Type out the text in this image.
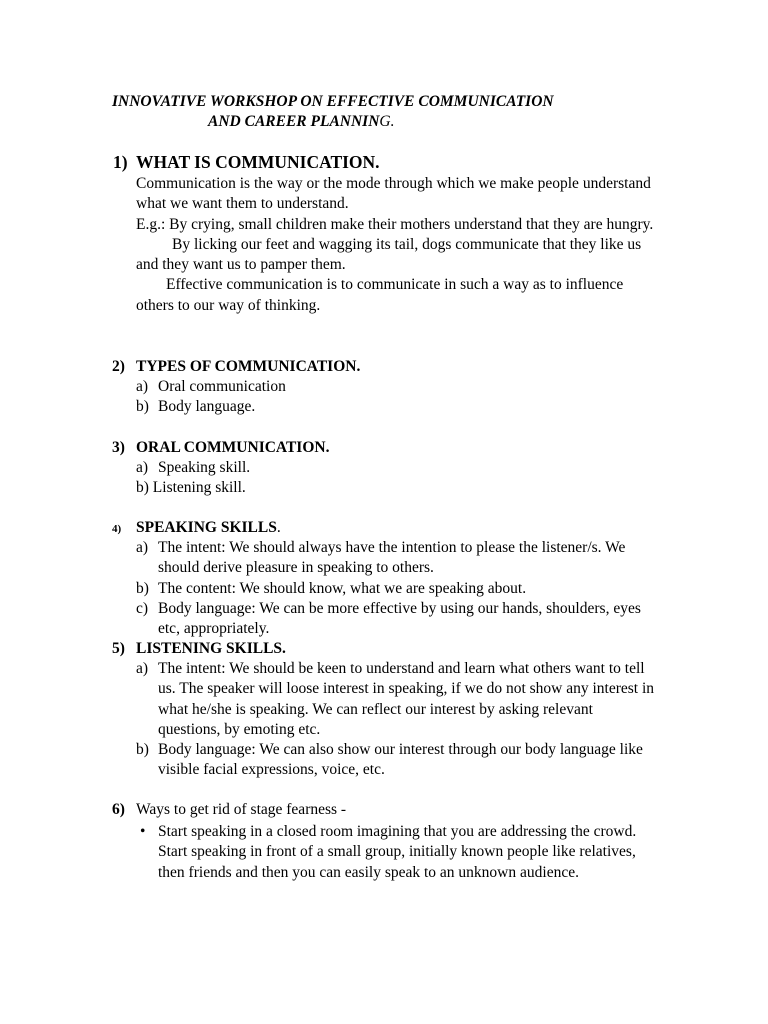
INNOVATIVE WORKSHOP ON EFFECTIVE COMMUNICATION
AND CAREER PLANNING.
1) WHAT IS COMMUNICATION.
Communication is the way or the mode through which we make people understand what we want them to understand.
E.g.: By crying, small children make their mothers understand that they are hungry.
By licking our feet and wagging its tail, dogs communicate that they like us and they want us to pamper them.
Effective communication is to communicate in such a way as to influence others to our way of thinking.
2) TYPES OF COMMUNICATION.
a) Oral communication
b) Body language.
3) ORAL COMMUNICATION.
a) Speaking skill.
b) Listening skill.
4) SPEAKING SKILLS.
a) The intent: We should always have the intention to please the listener/s. We should derive pleasure in speaking to others.
b) The content: We should know, what we are speaking about.
c) Body language: We can be more effective by using our hands, shoulders, eyes etc, appropriately.
5) LISTENING SKILLS.
a) The intent: We should be keen to understand and learn what others want to tell us. The speaker will loose interest in speaking, if we do not show any interest in what he/she is speaking. We can reflect our interest by asking relevant questions, by emoting etc.
b) Body language: We can also show our interest through our body language like visible facial expressions, voice, etc.
6) Ways to get rid of stage fearness -
• Start speaking in a closed room imagining that you are addressing the crowd. Start speaking in front of a small group, initially known people like relatives, then friends and then you can easily speak to an unknown audience.
